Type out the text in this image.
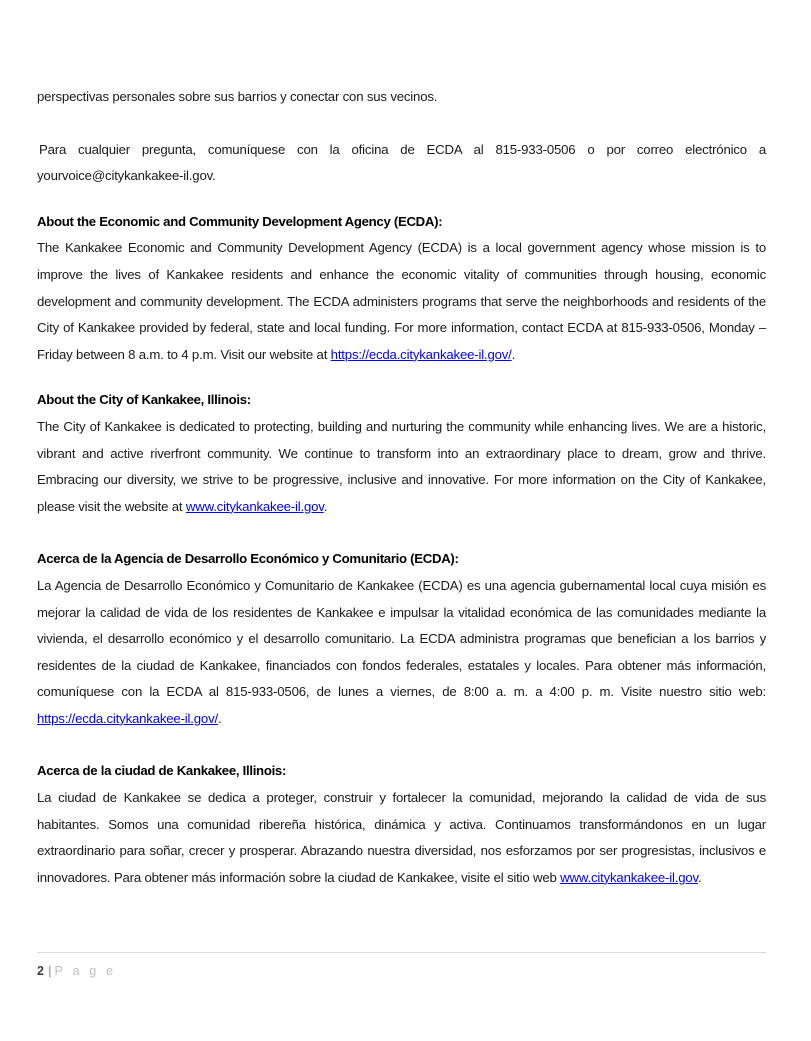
perspectivas personales sobre sus barrios y conectar con sus vecinos.

Para cualquier pregunta, comuníquese con la oficina de ECDA al 815-933-0506 o por correo electrónico a yourvoice@citykankakee-il.gov.

About the Economic and Community Development Agency (ECDA):

The Kankakee Economic and Community Development Agency (ECDA) is a local government agency whose mission is to improve the lives of Kankakee residents and enhance the economic vitality of communities through housing, economic development and community development. The ECDA administers programs that serve the neighborhoods and residents of the City of Kankakee provided by federal, state and local funding. For more information, contact ECDA at 815-933-0506, Monday – Friday between 8 a.m. to 4 p.m. Visit our website at https://ecda.citykankakee-il.gov/.

About the City of Kankakee, Illinois:

The City of Kankakee is dedicated to protecting, building and nurturing the community while enhancing lives. We are a historic, vibrant and active riverfront community. We continue to transform into an extraordinary place to dream, grow and thrive. Embracing our diversity, we strive to be progressive, inclusive and innovative. For more information on the City of Kankakee, please visit the website at www.citykankakee-il.gov.

Acerca de la Agencia de Desarrollo Económico y Comunitario (ECDA):

La Agencia de Desarrollo Económico y Comunitario de Kankakee (ECDA) es una agencia gubernamental local cuya misión es mejorar la calidad de vida de los residentes de Kankakee e impulsar la vitalidad económica de las comunidades mediante la vivienda, el desarrollo económico y el desarrollo comunitario. La ECDA administra programas que benefician a los barrios y residentes de la ciudad de Kankakee, financiados con fondos federales, estatales y locales. Para obtener más información, comuníquese con la ECDA al 815-933-0506, de lunes a viernes, de 8:00 a. m. a 4:00 p. m. Visite nuestro sitio web: https://ecda.citykankakee-il.gov/.

Acerca de la ciudad de Kankakee, Illinois:

La ciudad de Kankakee se dedica a proteger, construir y fortalecer la comunidad, mejorando la calidad de vida de sus habitantes. Somos una comunidad ribereña histórica, dinámica y activa. Continuamos transformándonos en un lugar extraordinario para soñar, crecer y prosperar. Abrazando nuestra diversidad, nos esforzamos por ser progresistas, inclusivos e innovadores. Para obtener más información sobre la ciudad de Kankakee, visite el sitio web www.citykankakee-il.gov.

2 | P a g e
